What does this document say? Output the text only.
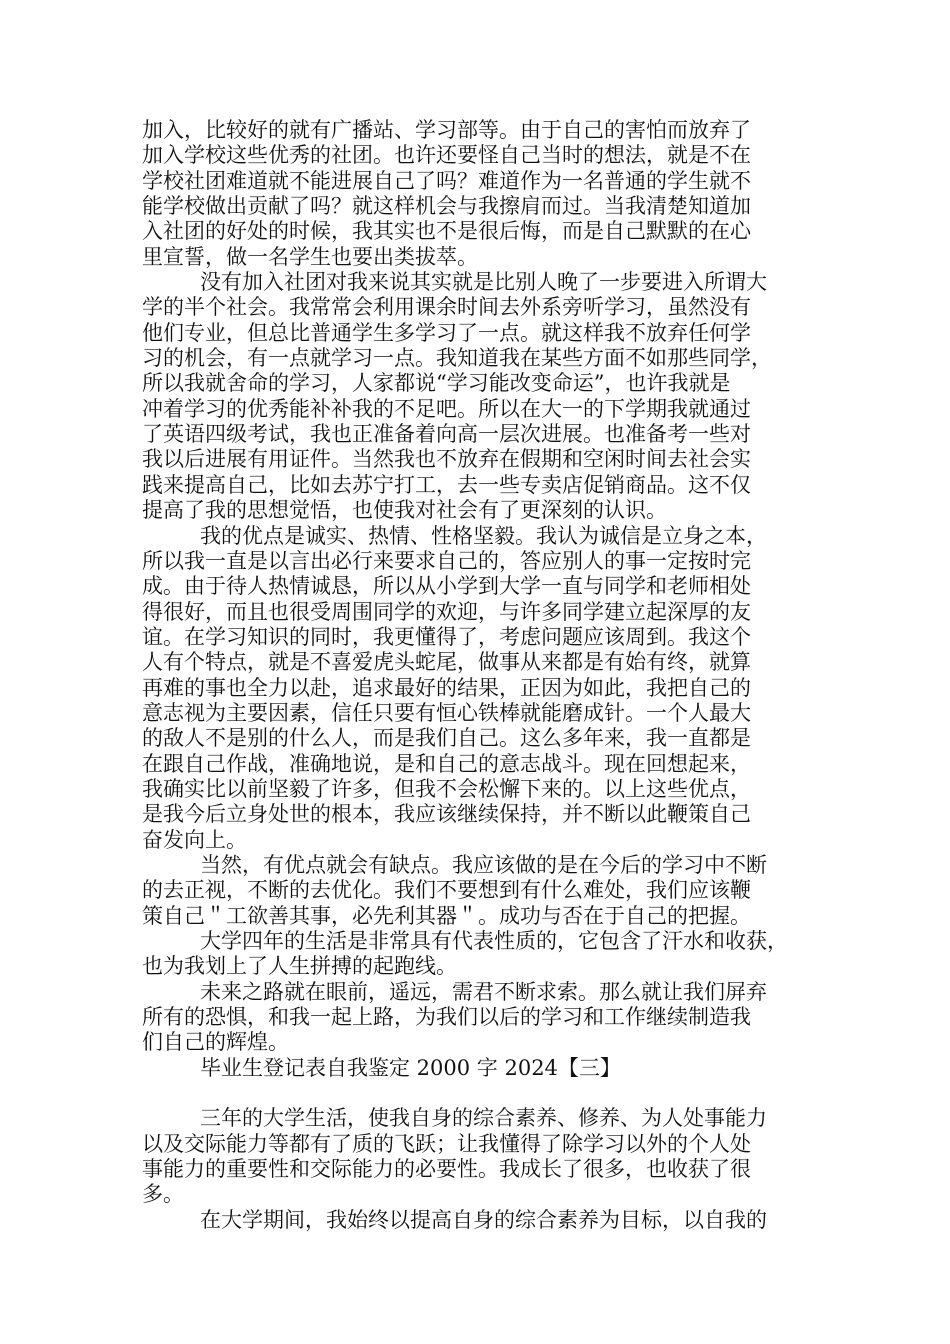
加入，比较好的就有广播站、学习部等。由于自己的害怕而放弃了
加入学校这些优秀的社团。也许还要怪自己当时的想法，就是不在
学校社团难道就不能进展自己了吗？难道作为一名普通的学生就不
能学校做出贡献了吗？就这样机会与我擦肩而过。当我清楚知道加
入社团的好处的时候，我其实也不是很后悔，而是自己默默的在心
里宣誓，做一名学生也要出类拔萃。
没有加入社团对我来说其实就是比别人晚了一步要进入所谓大
学的半个社会。我常常会利用课余时间去外系旁听学习，虽然没有
他们专业，但总比普通学生多学习了一点。就这样我不放弃任何学
习的机会，有一点就学习一点。我知道我在某些方面不如那些同学，
所以我就舍命的学习，人家都说“学习能改变命运”，也许我就是
冲着学习的优秀能补补我的不足吧。所以在大一的下学期我就通过
了英语四级考试，我也正准备着向高一层次进展。也准备考一些对
我以后进展有用证件。当然我也不放弃在假期和空闲时间去社会实
践来提高自己，比如去苏宁打工，去一些专卖店促销商品。这不仅
提高了我的思想觉悟，也使我对社会有了更深刻的认识。
我的优点是诚实、热情、性格坚毅。我认为诚信是立身之本，
所以我一直是以言出必行来要求自己的，答应别人的事一定按时完
成。由于待人热情诚恳，所以从小学到大学一直与同学和老师相处
得很好，而且也很受周围同学的欢迎，与许多同学建立起深厚的友
谊。在学习知识的同时，我更懂得了，考虑问题应该周到。我这个
人有个特点，就是不喜爱虎头蛇尾，做事从来都是有始有终，就算
再难的事也全力以赴，追求最好的结果，正因为如此，我把自己的
意志视为主要因素，信任只要有恒心铁棒就能磨成针。一个人最大
的敌人不是别的什么人，而是我们自己。这么多年来，我一直都是
在跟自己作战，准确地说，是和自己的意志战斗。现在回想起来，
我确实比以前坚毅了许多，但我不会松懈下来的。以上这些优点，
是我今后立身处世的根本，我应该继续保持，并不断以此鞭策自己
奋发向上。
当然，有优点就会有缺点。我应该做的是在今后的学习中不断
的去正视，不断的去优化。我们不要想到有什么难处，我们应该鞭
策自己＂工欲善其事，必先利其器＂。成功与否在于自己的把握。
大学四年的生活是非常具有代表性质的，它包含了汗水和收获，
也为我划上了人生拼搏的起跑线。
未来之路就在眼前，遥远，需君不断求索。那么就让我们屏弃
所有的恐惧，和我一起上路，为我们以后的学习和工作继续制造我
们自己的辉煌。
毕业生登记表自我鉴定 2000 字 2024【三】
三年的大学生活，使我自身的综合素养、修养、为人处事能力
以及交际能力等都有了质的飞跃；让我懂得了除学习以外的个人处
事能力的重要性和交际能力的必要性。我成长了很多，也收获了很
多。
在大学期间，我始终以提高自身的综合素养为目标，以自我的
